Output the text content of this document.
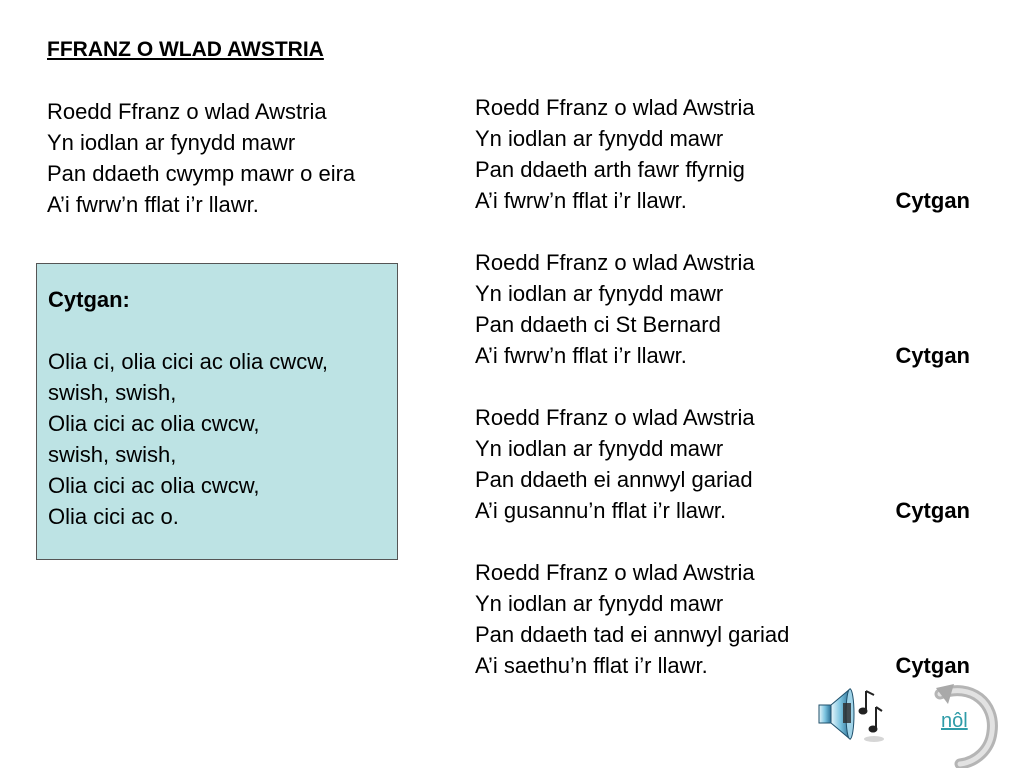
FFRANZ O WLAD AWSTRIA
Roedd Ffranz o wlad Awstria
Yn iodlan ar fynydd mawr
Pan ddaeth cwymp mawr o eira
A’i fwrw’n fflat i’r llawr.

Cytgan:

Olia ci, olia cici ac olia cwcw,
swish, swish,
Olia cici ac olia cwcw,
swish, swish,
Olia cici ac olia cwcw,
Olia cici ac o.
Roedd Ffranz o wlad Awstria
Yn iodlan ar fynydd mawr
Pan ddaeth arth fawr ffyrnig
A’i fwrw’n fflat i’r llawr.	Cytgan
Roedd Ffranz o wlad Awstria
Yn iodlan ar fynydd mawr
Pan ddaeth ci St Bernard
A’i fwrw’n fflat i’r llawr.	Cytgan
Roedd Ffranz o wlad Awstria
Yn iodlan ar fynydd mawr
Pan ddaeth ei annwyl gariad
A’i gusannu’n fflat i’r llawr.	Cytgan
Roedd Ffranz o wlad Awstria
Yn iodlan ar fynydd mawr
Pan ddaeth tad ei annwyl gariad
A’i saethu’n fflat i’r llawr.	Cytgan
nôl
